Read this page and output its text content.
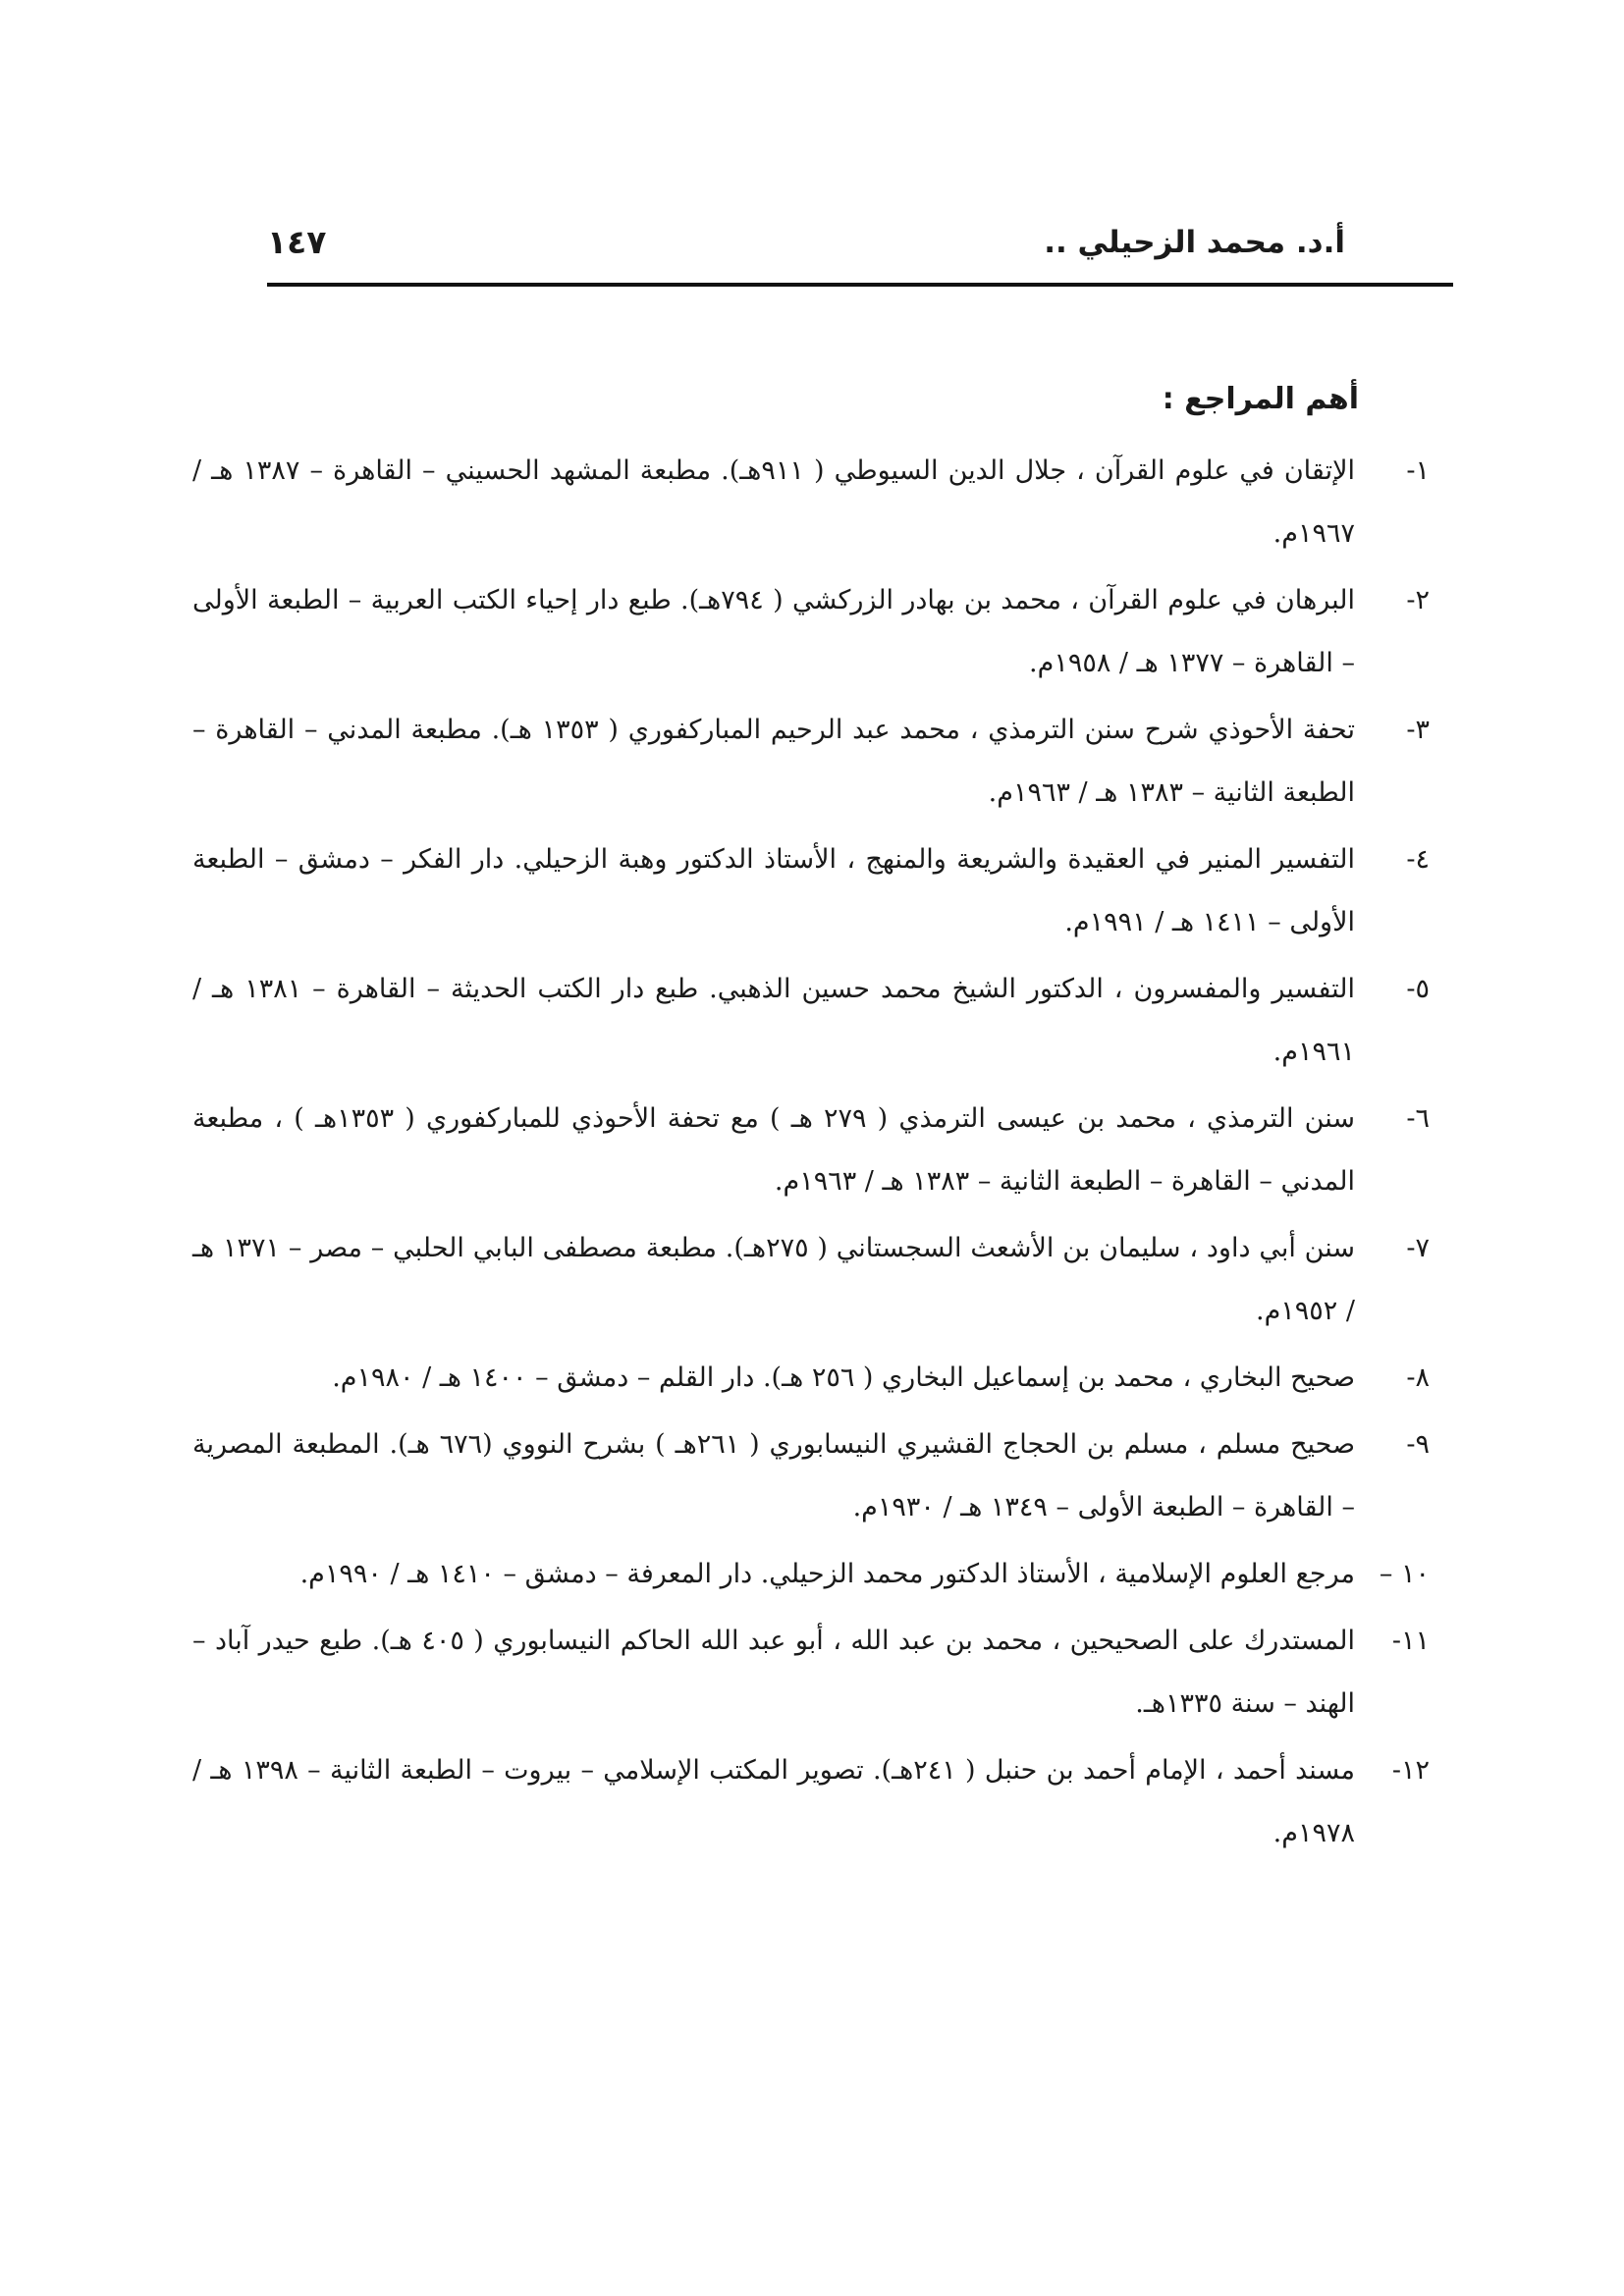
أ.د. محمد الزحيلي ..
١٤٧
أهم المراجع :
١-
الإتقان في علوم القرآن ، جلال الدين السيوطي ( ٩١١هـ). مطبعة المشهد الحسيني – القاهرة – ١٣٨٧ هـ / ١٩٦٧م.
٢-
البرهان في علوم القرآن ، محمد بن بهادر الزركشي ( ٧٩٤هـ). طبع دار إحياء الكتب العربية – الطبعة الأولى – القاهرة – ١٣٧٧ هـ / ١٩٥٨م.
٣-
تحفة الأحوذي شرح سنن الترمذي ، محمد عبد الرحيم المباركفوري ( ١٣٥٣ هـ). مطبعة المدني – القاهرة – الطبعة الثانية – ١٣٨٣ هـ / ١٩٦٣م.
٤-
التفسير المنير في العقيدة والشريعة والمنهج ، الأستاذ الدكتور وهبة الزحيلي. دار الفكر – دمشق – الطبعة الأولى – ١٤١١ هـ / ١٩٩١م.
٥-
التفسير والمفسرون ، الدكتور الشيخ محمد حسين الذهبي. طبع دار الكتب الحديثة – القاهرة – ١٣٨١ هـ / ١٩٦١م.
٦-
سنن الترمذي ، محمد بن عيسى الترمذي ( ٢٧٩ هـ ) مع تحفة الأحوذي للمباركفوري ( ١٣٥٣هـ ) ، مطبعة المدني – القاهرة – الطبعة الثانية – ١٣٨٣ هـ / ١٩٦٣م.
٧-
سنن أبي داود ، سليمان بن الأشعث السجستاني ( ٢٧٥هـ). مطبعة مصطفى البابي الحلبي – مصر – ١٣٧١ هـ / ١٩٥٢م.
٨-
صحيح البخاري ، محمد بن إسماعيل البخاري ( ٢٥٦ هـ). دار القلم – دمشق – ١٤٠٠ هـ / ١٩٨٠م.
٩-
صحيح مسلم ، مسلم بن الحجاج القشيري النيسابوري ( ٢٦١هـ ) بشرح النووي (٦٧٦ هـ). المطبعة المصرية – القاهرة – الطبعة الأولى – ١٣٤٩ هـ / ١٩٣٠م.
١٠ –
مرجع العلوم الإسلامية ، الأستاذ الدكتور محمد الزحيلي. دار المعرفة – دمشق – ١٤١٠ هـ / ١٩٩٠م.
١١-
المستدرك على الصحيحين ، محمد بن عبد الله ، أبو عبد الله الحاكم النيسابوري ( ٤٠٥ هـ). طبع حيدر آباد – الهند – سنة ١٣٣٥هـ.
١٢-
مسند أحمد ، الإمام أحمد بن حنبل ( ٢٤١هـ). تصوير المكتب الإسلامي – بيروت – الطبعة الثانية – ١٣٩٨ هـ / ١٩٧٨م.
